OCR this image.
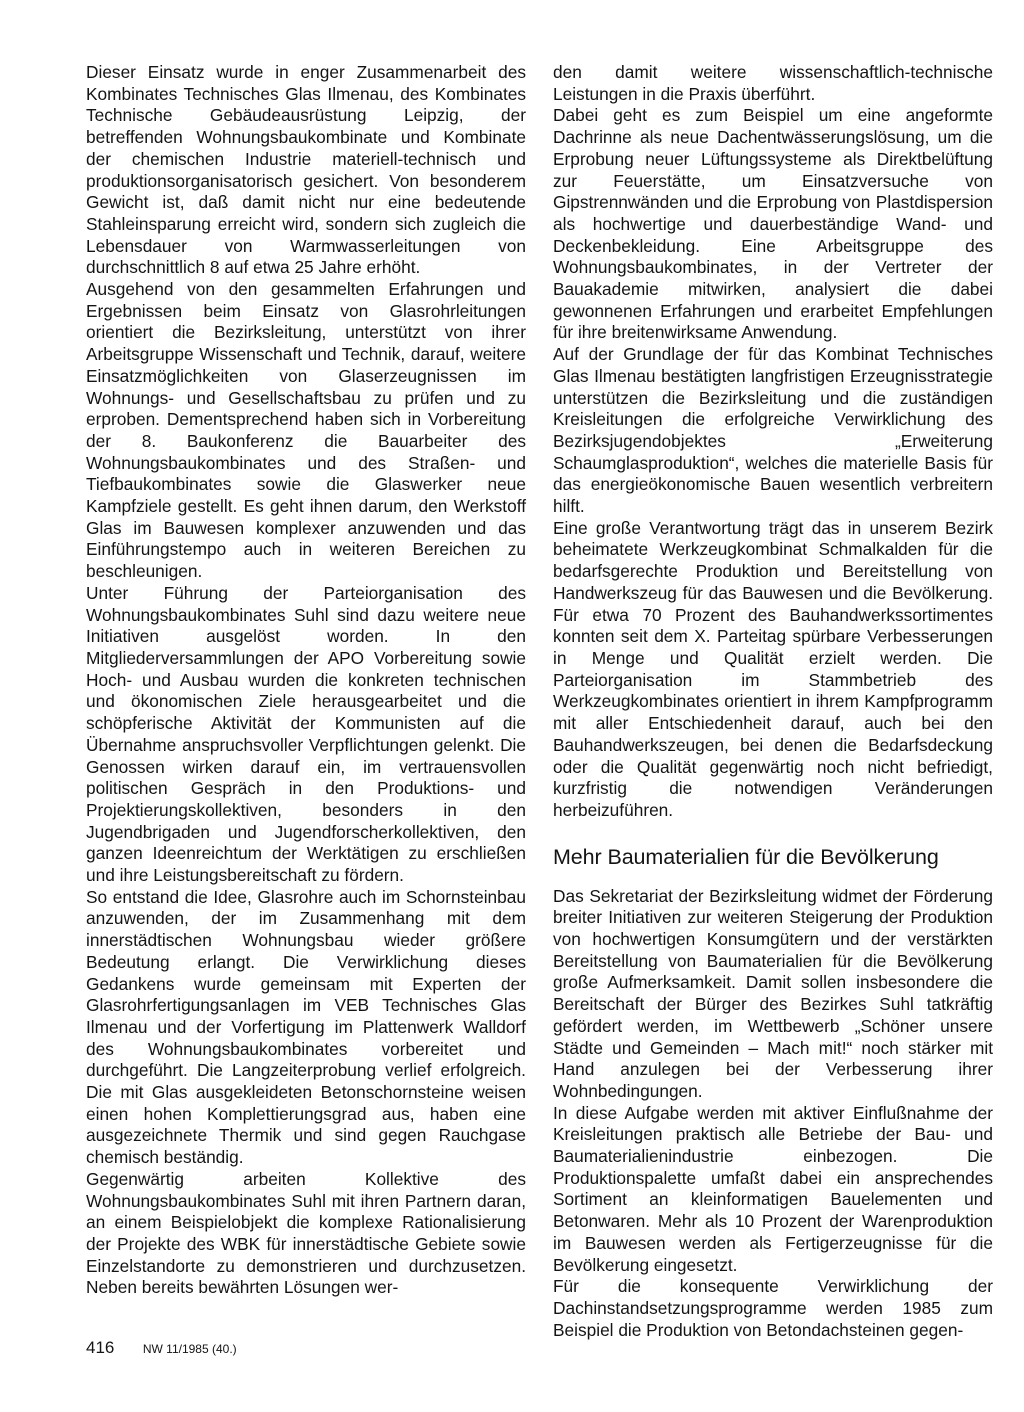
Dieser Einsatz wurde in enger Zusammenarbeit des Kombinates Technisches Glas Ilmenau, des Kombinates Technische Gebäudeausrüstung Leipzig, der betreffenden Wohnungsbaukombinate und Kombinate der chemischen Industrie materiell-technisch und produktionsorganisatorisch gesichert. Von besonderem Gewicht ist, daß damit nicht nur eine bedeutende Stahleinsparung erreicht wird, sondern sich zugleich die Lebensdauer von Warmwasserleitungen von durchschnittlich 8 auf etwa 25 Jahre erhöht.

Ausgehend von den gesammelten Erfahrungen und Ergebnissen beim Einsatz von Glasrohrleitungen orientiert die Bezirksleitung, unterstützt von ihrer Arbeitsgruppe Wissenschaft und Technik, darauf, weitere Einsatzmöglichkeiten von Glaserzeugnissen im Wohnungs- und Gesellschaftsbau zu prüfen und zu erproben. Dementsprechend haben sich in Vorbereitung der 8. Baukonferenz die Bauarbeiter des Wohnungsbaukombinates und des Straßen- und Tiefbaukombinates sowie die Glaswerker neue Kampfziele gestellt. Es geht ihnen darum, den Werkstoff Glas im Bauwesen komplexer anzuwenden und das Einführungstempo auch in weiteren Bereichen zu beschleunigen.

Unter Führung der Parteiorganisation des Wohnungsbaukombinates Suhl sind dazu weitere neue Initiativen ausgelöst worden. In den Mitgliederversammlungen der APO Vorbereitung sowie Hoch- und Ausbau wurden die konkreten technischen und ökonomischen Ziele herausgearbeitet und die schöpferische Aktivität der Kommunisten auf die Übernahme anspruchsvoller Verpflichtungen gelenkt. Die Genossen wirken darauf ein, im vertrauensvollen politischen Gespräch in den Produktions- und Projektierungskollektiven, besonders in den Jugendbrigaden und Jugendforscherkollektiven, den ganzen Ideenreichtum der Werktätigen zu erschließen und ihre Leistungsbereitschaft zu fördern.

So entstand die Idee, Glasrohre auch im Schornsteinbau anzuwenden, der im Zusammenhang mit dem innerstädtischen Wohnungsbau wieder größere Bedeutung erlangt. Die Verwirklichung dieses Gedankens wurde gemeinsam mit Experten der Glasrohrfertigungsanlagen im VEB Technisches Glas Ilmenau und der Vorfertigung im Plattenwerk Walldorf des Wohnungsbaukombinates vorbereitet und durchgeführt. Die Langzeiterprobung verlief erfolgreich. Die mit Glas ausgekleideten Betonschornsteine weisen einen hohen Komplettierungsgrad aus, haben eine ausgezeichnete Thermik und sind gegen Rauchgase chemisch beständig.

Gegenwärtig arbeiten Kollektive des Wohnungsbaukombinates Suhl mit ihren Partnern daran, an einem Beispielobjekt die komplexe Rationalisierung der Projekte des WBK für innerstädtische Gebiete sowie Einzelstandorte zu demonstrieren und durchzusetzen. Neben bereits bewährten Lösungen wer-

den damit weitere wissenschaftlich-technische Leistungen in die Praxis überführt.

Dabei geht es zum Beispiel um eine angeformte Dachrinne als neue Dachentwässerungslösung, um die Erprobung neuer Lüftungssysteme als Direktbelüftung zur Feuerstätte, um Einsatzversuche von Gipstrennwänden und die Erprobung von Plastdispersion als hochwertige und dauerbeständige Wand- und Deckenbekleidung. Eine Arbeitsgruppe des Wohnungsbaukombinates, in der Vertreter der Bauakademie mitwirken, analysiert die dabei gewonnenen Erfahrungen und erarbeitet Empfehlungen für ihre breitenwirksame Anwendung.

Auf der Grundlage der für das Kombinat Technisches Glas Ilmenau bestätigten langfristigen Erzeugnisstrategie unterstützen die Bezirksleitung und die zuständigen Kreisleitungen die erfolgreiche Verwirklichung des Bezirksjugendobjektes „Erweiterung Schaumglasproduktion“, welches die materielle Basis für das energieökonomische Bauen wesentlich verbreitern hilft.

Eine große Verantwortung trägt das in unserem Bezirk beheimatete Werkzeugkombinat Schmalkalden für die bedarfsgerechte Produktion und Bereitstellung von Handwerkszeug für das Bauwesen und die Bevölkerung. Für etwa 70 Prozent des Bauhandwerkssortimentes konnten seit dem X. Parteitag spürbare Verbesserungen in Menge und Qualität erzielt werden. Die Parteiorganisation im Stammbetrieb des Werkzeugkombinates orientiert in ihrem Kampfprogramm mit aller Entschiedenheit darauf, auch bei den Bauhandwerkszeugen, bei denen die Bedarfsdeckung oder die Qualität gegenwärtig noch nicht befriedigt, kurzfristig die notwendigen Veränderungen herbeizuführen.

Mehr Baumaterialien für die Bevölkerung

Das Sekretariat der Bezirksleitung widmet der Förderung breiter Initiativen zur weiteren Steigerung der Produktion von hochwertigen Konsumgütern und der verstärkten Bereitstellung von Baumaterialien für die Bevölkerung große Aufmerksamkeit. Damit sollen insbesondere die Bereitschaft der Bürger des Bezirkes Suhl tatkräftig gefördert werden, im Wettbewerb „Schöner unsere Städte und Gemeinden – Mach mit!“ noch stärker mit Hand anzulegen bei der Verbesserung ihrer Wohnbedingungen.

In diese Aufgabe werden mit aktiver Einflußnahme der Kreisleitungen praktisch alle Betriebe der Bau- und Baumaterialienindustrie einbezogen. Die Produktionspalette umfaßt dabei ein ansprechendes Sortiment an kleinformatigen Bauelementen und Betonwaren. Mehr als 10 Prozent der Warenproduktion im Bauwesen werden als Fertigerzeugnisse für die Bevölkerung eingesetzt.

Für die konsequente Verwirklichung der Dachinstandsetzungsprogramme werden 1985 zum Beispiel die Produktion von Betondachsteinen gegen-

416 NW 11/1985 (40.)
